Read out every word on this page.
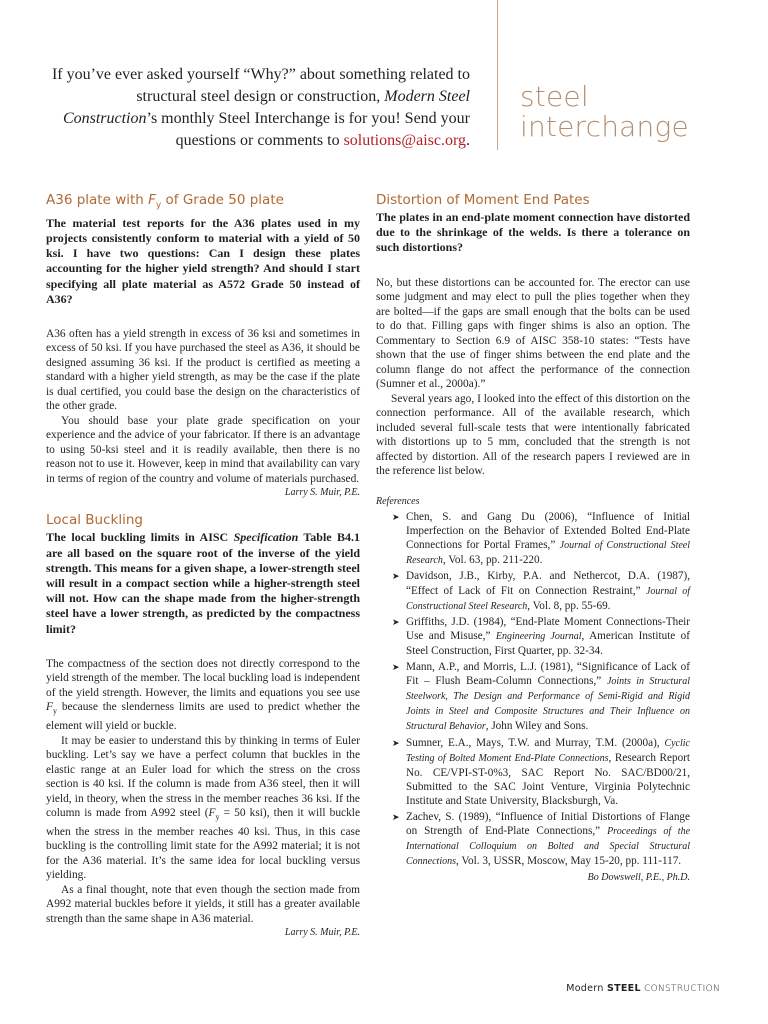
If you’ve ever asked yourself “Why?” about something related to structural steel design or construction, Modern Steel Construction’s monthly Steel Interchange is for you! Send your questions or comments to solutions@aisc.org.
steel
interchange
A36 plate with $F_y$ of Grade 50 plate

The material test reports for the A36 plates used in my projects consistently conform to material with a yield of 50 ksi. I have two questions: Can I design these plates accounting for the higher yield strength? And should I start specifying all plate material as A572 Grade 50 instead of A36?

A36 often has a yield strength in excess of 36 ksi and sometimes in excess of 50 ksi. If you have purchased the steel as A36, it should be designed assuming 36 ksi. If the product is certified as meeting a standard with a higher yield strength, as may be the case if the plate is dual certified, you could base the design on the characteristics of the other grade.

You should base your plate grade specification on your experience and the advice of your fabricator. If there is an advantage to using 50-ksi steel and it is readily available, then there is no reason not to use it. However, keep in mind that availability can vary in terms of region of the country and volume of materials purchased.

Larry S. Muir, P.E.

Local Buckling

The local buckling limits in AISC Specification Table B4.1 are all based on the square root of the inverse of the yield strength. This means for a given shape, a lower-strength steel will result in a compact section while a higher-strength steel will not. How can the shape made from the higher-strength steel have a lower strength, as predicted by the compactness limit?

The compactness of the section does not directly correspond to the yield strength of the member. The local buckling load is independent of the yield strength. However, the limits and equations you see use $F_y$ because the slenderness limits are used to predict whether the element will yield or buckle.

It may be easier to understand this by thinking in terms of Euler buckling. Let’s say we have a perfect column that buckles in the elastic range at an Euler load for which the stress on the cross section is 40 ksi. If the column is made from A36 steel, then it will yield, in theory, when the stress in the member reaches 36 ksi. If the column is made from A992 steel ($F_y = 50$ ksi), then it will buckle when the stress in the member reaches 40 ksi. Thus, in this case buckling is the controlling limit state for the A992 material; it is not for the A36 material. It’s the same idea for local buckling versus yielding.

As a final thought, note that even though the section made from A992 material buckles before it yields, it still has a greater available strength than the same shape in A36 material.

Larry S. Muir, P.E.

Distortion of Moment End Pates

The plates in an end-plate moment connection have distorted due to the shrinkage of the welds. Is there a tolerance on such distortions?

No, but these distortions can be accounted for. The erector can use some judgment and may elect to pull the plies together when they are bolted—if the gaps are small enough that the bolts can be used to do that. Filling gaps with finger shims is also an option. The Commentary to Section 6.9 of AISC 358-10 states: “Tests have shown that the use of finger shims between the end plate and the column flange do not affect the performance of the connection (Sumner et al., 2000a).”

Several years ago, I looked into the effect of this distortion on the connection performance. All of the available research, which included several full-scale tests that were intentionally fabricated with distortions up to 5 mm, concluded that the strength is not affected by distortion. All of the research papers I reviewed are in the reference list below.

References
➤ Chen, S. and Gang Du (2006), “Influence of Initial Imperfection on the Behavior of Extended Bolted End-Plate Connections for Portal Frames,” Journal of Constructional Steel Research, Vol. 63, pp. 211-220.
➤ Davidson, J.B., Kirby, P.A. and Nethercot, D.A. (1987), “Effect of Lack of Fit on Connection Restraint,” Journal of Constructional Steel Research, Vol. 8, pp. 55-69.
➤ Griffiths, J.D. (1984), “End-Plate Moment Connections-Their Use and Misuse,” Engineering Journal, American Institute of Steel Construction, First Quarter, pp. 32-34.
➤ Mann, A.P., and Morris, L.J. (1981), “Significance of Lack of Fit – Flush Beam-Column Connections,” Joints in Structural Steelwork, The Design and Performance of Semi-Rigid and Rigid Joints in Steel and Composite Structures and Their Influence on Structural Behavior, John Wiley and Sons.
➤ Sumner, E.A., Mays, T.W. and Murray, T.M. (2000a), Cyclic Testing of Bolted Moment End-Plate Connections, Research Report No. CE/VPI-ST-0%3, SAC Report No. SAC/BD00/21, Submitted to the SAC Joint Venture, Virginia Polytechnic Institute and State University, Blacksburgh, Va.
➤ Zachev, S. (1989), “Influence of Initial Distortions of Flange on Strength of End-Plate Connections,” Proceedings of the International Colloquium on Bolted and Special Structural Connections, Vol. 3, USSR, Moscow, May 15-20, pp. 111-117.

Bo Dowswell, P.E., Ph.D.

Modern STEEL CONSTRUCTION
